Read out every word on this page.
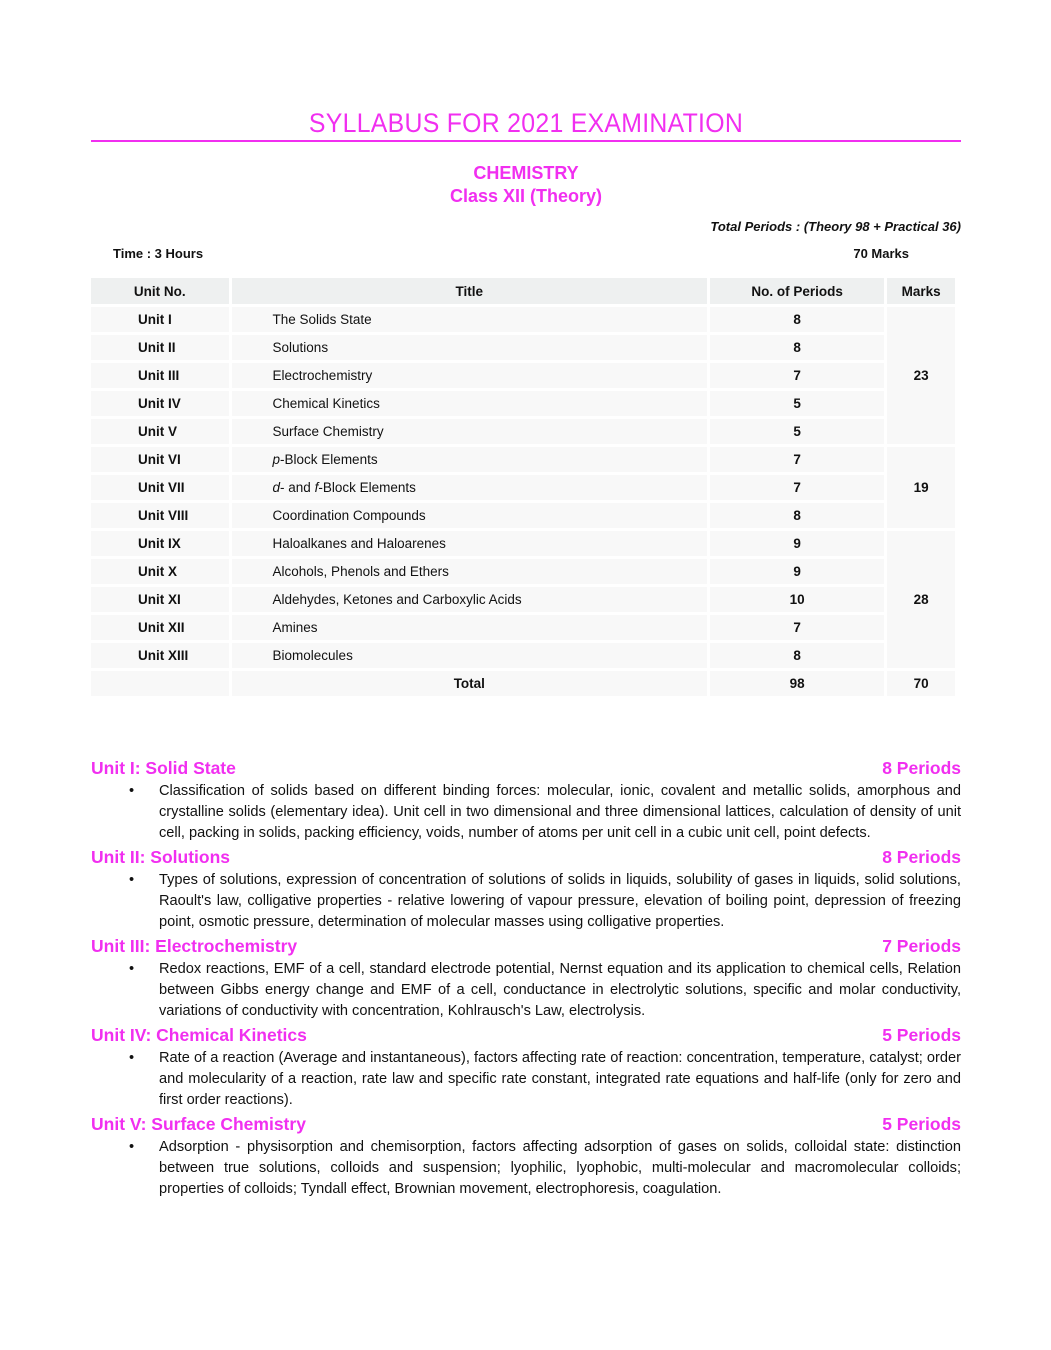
SYLLABUS FOR 2021 EXAMINATION
CHEMISTRY
Class XII (Theory)
Total Periods : (Theory 98 + Practical 36)
Time : 3 Hours	70 Marks
Unit No.	Title	No. of Periods	Marks
Unit I	The Solids State	8	23
Unit II	Solutions	8	
Unit III	Electrochemistry	7	
Unit IV	Chemical Kinetics	5	
Unit V	Surface Chemistry	5	
Unit VI	p-Block Elements	7	19
Unit VII	d- and f-Block Elements	7	
Unit VIII	Coordination Compounds	8	
Unit IX	Haloalkanes and Haloarenes	9	28
Unit X	Alcohols, Phenols and Ethers	9	
Unit XI	Aldehydes, Ketones and Carboxylic Acids	10	
Unit XII	Amines	7	
Unit XIII	Biomolecules	8	
	Total	98	70
Unit I: Solid State	8 Periods
•	Classification of solids based on different binding forces: molecular, ionic, covalent and metallic solids, amorphous and crystalline solids (elementary idea). Unit cell in two dimensional and three dimensional lattices, calculation of density of unit cell, packing in solids, packing efficiency, voids, number of atoms per unit cell in a cubic unit cell, point defects.
Unit II: Solutions	8 Periods
•	Types of solutions, expression of concentration of solutions of solids in liquids, solubility of gases in liquids, solid solutions, Raoult's law, colligative properties - relative lowering of vapour pressure, elevation of boiling point, depression of freezing point, osmotic pressure, determination of molecular masses using colligative properties.
Unit III: Electrochemistry	7 Periods
•	Redox reactions, EMF of a cell, standard electrode potential, Nernst equation and its application to chemical cells, Relation between Gibbs energy change and EMF of a cell, conductance in electrolytic solutions, specific and molar conductivity, variations of conductivity with concentration, Kohlrausch's Law, electrolysis.
Unit IV: Chemical Kinetics	5 Periods
•	Rate of a reaction (Average and instantaneous), factors affecting rate of reaction: concentration, temperature, catalyst; order and molecularity of a reaction, rate law and specific rate constant, integrated rate equations and half-life (only for zero and first order reactions).
Unit V: Surface Chemistry	5 Periods
•	Adsorption - physisorption and chemisorption, factors affecting adsorption of gases on solids, colloidal state: distinction between true solutions, colloids and suspension; lyophilic, lyophobic, multi-molecular and macromolecular colloids; properties of colloids; Tyndall effect, Brownian movement, electrophoresis, coagulation.
